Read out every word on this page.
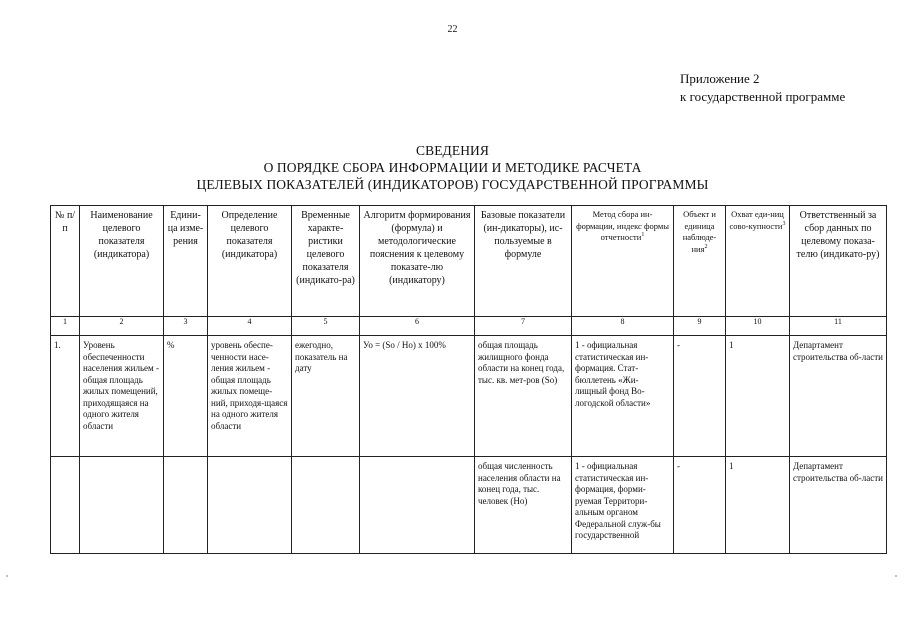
22
Приложение 2
к государственной программе
СВЕДЕНИЯ
О ПОРЯДКЕ СБОРА ИНФОРМАЦИИ И МЕТОДИКЕ РАСЧЕТА
ЦЕЛЕВЫХ ПОКАЗАТЕЛЕЙ (ИНДИКАТОРОВ) ГОСУДАРСТВЕННОЙ ПРОГРАММЫ
№ п/п	Наименование целевого показателя (индикатора)	Едини-ца изме-рения	Определение целевого показателя (индикатора)	Временные характе-ристики целевого показателя (индикато-ра)	Алгоритм формирования (формула) и методологические пояснения к целевому показате-лю (индикатору)	Базовые показатели (ин-дикаторы), ис-пользуемые в формуле	Метод сбора ин-формации, индекс формы отчетности$^1$	Объект и единица наблюде-ния$^2$	Охват еди-ниц сово-купности$^3$	Ответственный за сбор данных по целевому показа-телю (индикато-ру)
1	2	3	4	5	6	7	8	9	10	11
1.	Уровень обеспеченности населения жильем - общая площадь жилых помещений, приходящаяся на одного жителя области	%	уровень обеспе-ченности насе-ления жильем - общая площадь жилых помеще-ний, приходя-щаяся на одного жителя области	ежегодно, показатель на дату	Уо = (Sо / Но) x 100%	общая площадь жилищного фонда области на конец года, тыс. кв. мет-ров (Sо)	1 - официальная статистическая ин-формация. Стат-бюллетень «Жи-лищный фонд Во-логодской области»	-	1	Департамент строительства об-ласти
						общая численность населения области на конец года, тыс. человек (Но)	1 - официальная статистическая ин-формация, форми-руемая Территори-альным органом Федеральной служ-бы государственной	-	1	Департамент строительства об-ласти
